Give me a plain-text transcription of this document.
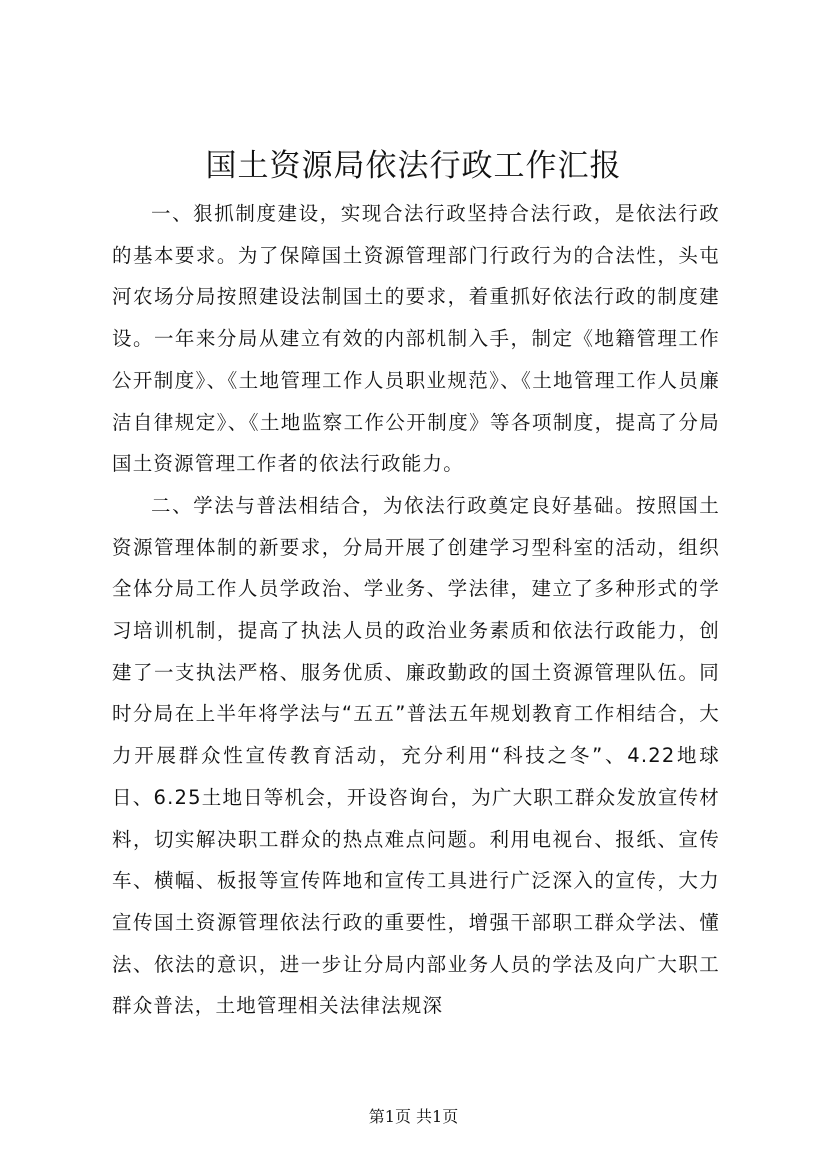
国土资源局依法行政工作汇报

一、狠抓制度建设，实现合法行政坚持合法行政，是依法行政的基本要求。为了保障国土资源管理部门行政行为的合法性，头屯河农场分局按照建设法制国土的要求，着重抓好依法行政的制度建设。一年来分局从建立有效的内部机制入手，制定《地籍管理工作公开制度》、《土地管理工作人员职业规范》、《土地管理工作人员廉洁自律规定》、《土地监察工作公开制度》等各项制度，提高了分局国土资源管理工作者的依法行政能力。

二、学法与普法相结合，为依法行政奠定良好基础。按照国土资源管理体制的新要求，分局开展了创建学习型科室的活动，组织全体分局工作人员学政治、学业务、学法律，建立了多种形式的学习培训机制，提高了执法人员的政治业务素质和依法行政能力，创建了一支执法严格、服务优质、廉政勤政的国土资源管理队伍。同时分局在上半年将学法与“五五”普法五年规划教育工作相结合，大力开展群众性宣传教育活动，充分利用“科技之冬”、4.22地球日、6.25土地日等机会，开设咨询台，为广大职工群众发放宣传材料，切实解决职工群众的热点难点问题。利用电视台、报纸、宣传车、横幅、板报等宣传阵地和宣传工具进行广泛深入的宣传，大力宣传国土资源管理依法行政的重要性，增强干部职工群众学法、懂法、依法的意识，进一步让分局内部业务人员的学法及向广大职工群众普法，土地管理相关法律法规深

第1页 共1页
